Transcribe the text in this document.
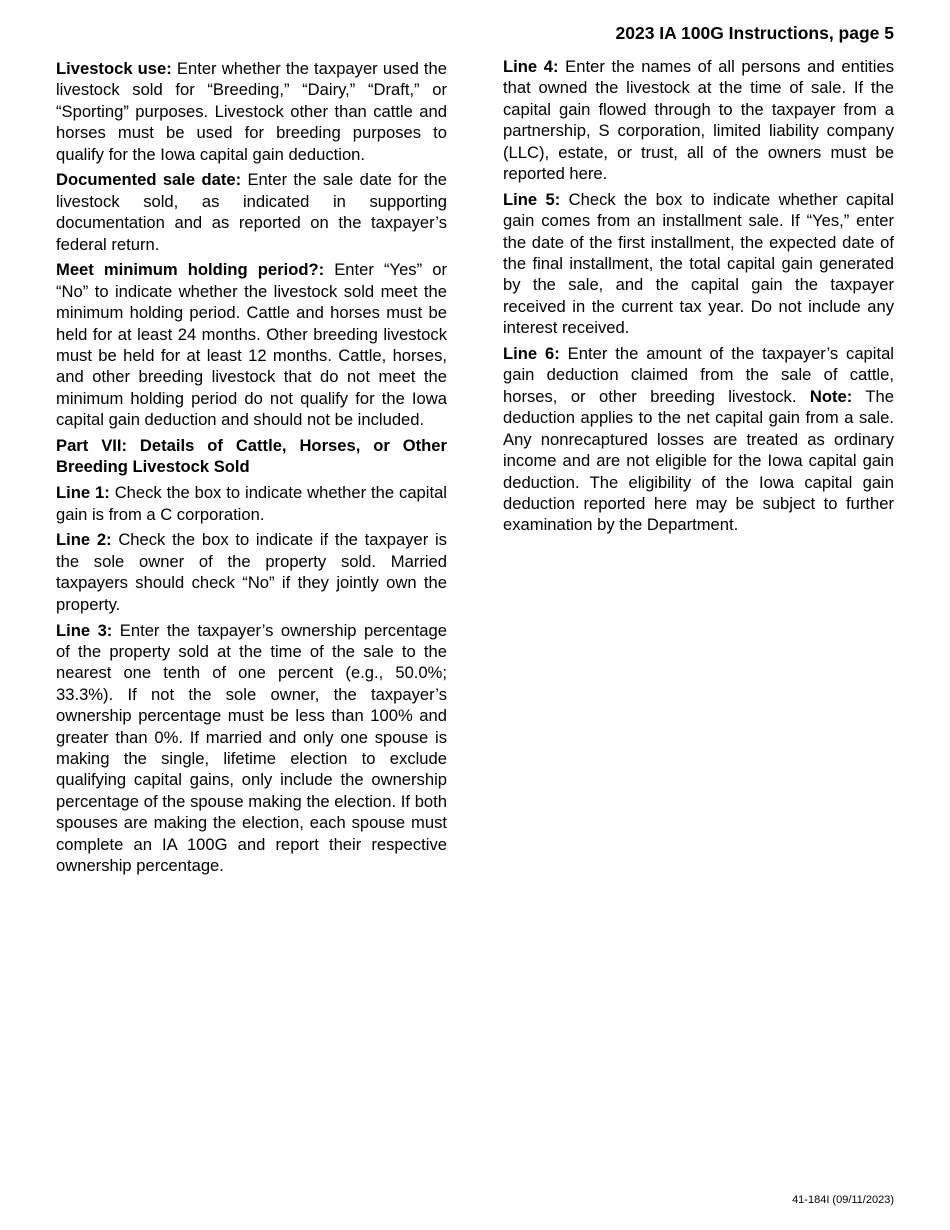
2023 IA 100G Instructions, page 5

Livestock use: Enter whether the taxpayer used the livestock sold for “Breeding,” “Dairy,” “Draft,” or “Sporting” purposes. Livestock other than cattle and horses must be used for breeding purposes to qualify for the Iowa capital gain deduction.

Documented sale date: Enter the sale date for the livestock sold, as indicated in supporting documentation and as reported on the taxpayer’s federal return.

Meet minimum holding period?: Enter “Yes” or “No” to indicate whether the livestock sold meet the minimum holding period. Cattle and horses must be held for at least 24 months. Other breeding livestock must be held for at least 12 months. Cattle, horses, and other breeding livestock that do not meet the minimum holding period do not qualify for the Iowa capital gain deduction and should not be included.

Part VII: Details of Cattle, Horses, or Other Breeding Livestock Sold

Line 1: Check the box to indicate whether the capital gain is from a C corporation.

Line 2: Check the box to indicate if the taxpayer is the sole owner of the property sold. Married taxpayers should check “No” if they jointly own the property.

Line 3: Enter the taxpayer’s ownership percentage of the property sold at the time of the sale to the nearest one tenth of one percent (e.g., 50.0%; 33.3%). If not the sole owner, the taxpayer’s ownership percentage must be less than 100% and greater than 0%. If married and only one spouse is making the single, lifetime election to exclude qualifying capital gains, only include the ownership percentage of the spouse making the election. If both spouses are making the election, each spouse must complete an IA 100G and report their respective ownership percentage.

Line 4: Enter the names of all persons and entities that owned the livestock at the time of sale. If the capital gain flowed through to the taxpayer from a partnership, S corporation, limited liability company (LLC), estate, or trust, all of the owners must be reported here.

Line 5: Check the box to indicate whether capital gain comes from an installment sale. If “Yes,” enter the date of the first installment, the expected date of the final installment, the total capital gain generated by the sale, and the capital gain the taxpayer received in the current tax year. Do not include any interest received.

Line 6: Enter the amount of the taxpayer’s capital gain deduction claimed from the sale of cattle, horses, or other breeding livestock. Note: The deduction applies to the net capital gain from a sale. Any nonrecaptured losses are treated as ordinary income and are not eligible for the Iowa capital gain deduction. The eligibility of the Iowa capital gain deduction reported here may be subject to further examination by the Department.

41-184I (09/11/2023)
